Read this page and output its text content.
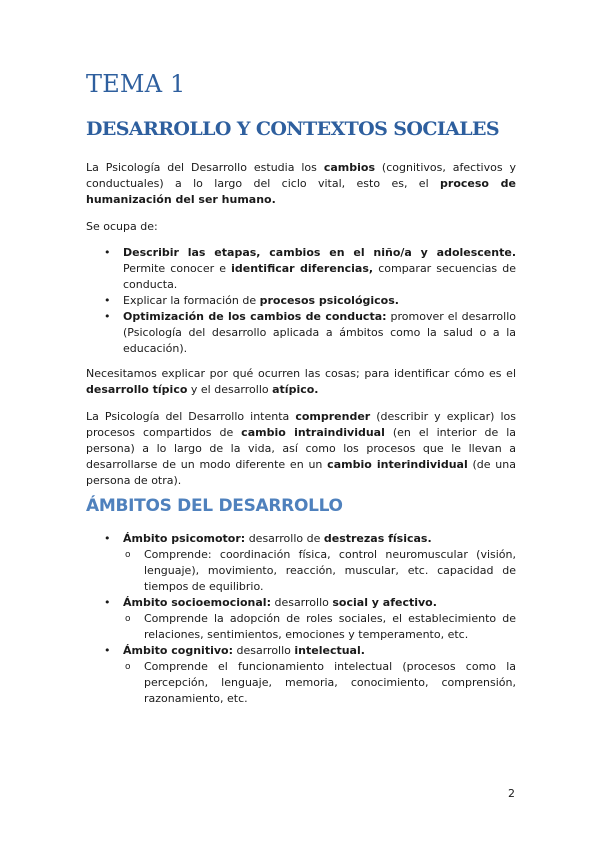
TEMA 1
DESARROLLO Y CONTEXTOS SOCIALES

La Psicología del Desarrollo estudia los cambios (cognitivos, afectivos y conductuales) a lo largo del ciclo vital, esto es, el proceso de humanización del ser humano.

Se ocupa de:

• Describir las etapas, cambios en el niño/a y adolescente. Permite conocer e identificar diferencias, comparar secuencias de conducta.
• Explicar la formación de procesos psicológicos.
• Optimización de los cambios de conducta: promover el desarrollo (Psicología del desarrollo aplicada a ámbitos como la salud o a la educación).

Necesitamos explicar por qué ocurren las cosas; para identificar cómo es el desarrollo típico y el desarrollo atípico.

La Psicología del Desarrollo intenta comprender (describir y explicar) los procesos compartidos de cambio intraindividual (en el interior de la persona) a lo largo de la vida, así como los procesos que le llevan a desarrollarse de un modo diferente en un cambio interindividual (de una persona de otra).

ÁMBITOS DEL DESARROLLO
• Ámbito psicomotor: desarrollo de destrezas físicas.
o Comprende: coordinación física, control neuromuscular (visión, lenguaje), movimiento, reacción, muscular, etc. capacidad de tiempos de equilibrio.
• Ámbito socioemocional: desarrollo social y afectivo.
o Comprende la adopción de roles sociales, el establecimiento de relaciones, sentimientos, emociones y temperamento, etc.
• Ámbito cognitivo: desarrollo intelectual.
o Comprende el funcionamiento intelectual (procesos como la percepción, lenguaje, memoria, conocimiento, comprensión, razonamiento, etc.
2
